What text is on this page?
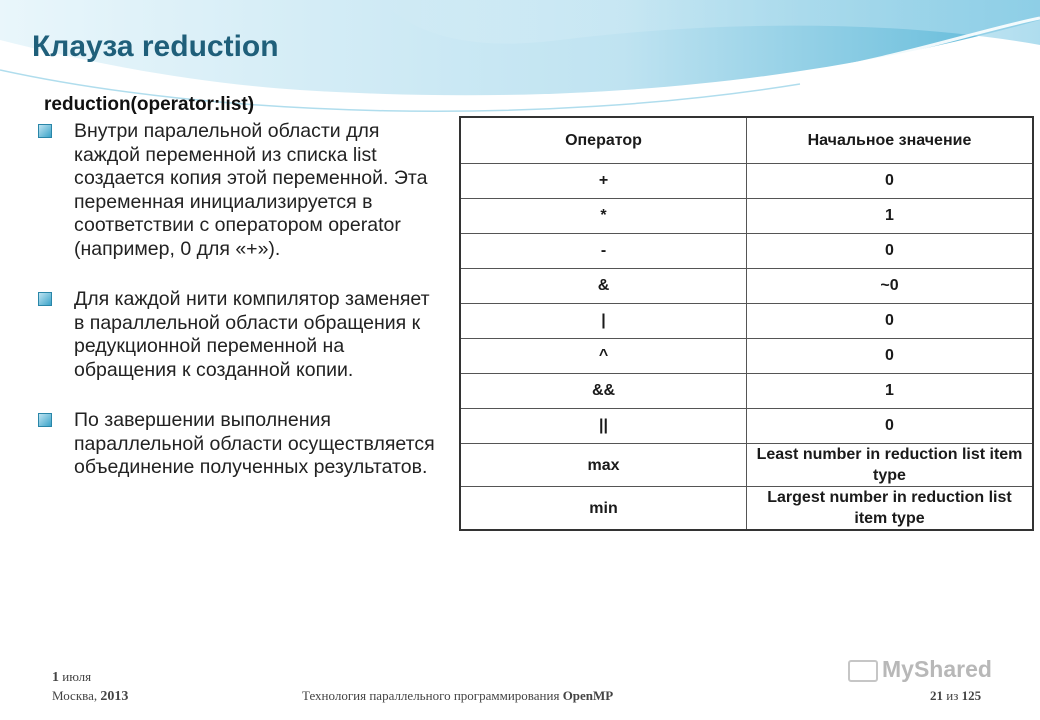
Клауза reduction
reduction(operator:list)
Внутри паралельной области для каждой переменной из списка list создается копия этой переменной. Эта переменная инициализируется в соответствии с оператором operator (например, 0 для «+»).
Для каждой нити компилятор заменяет в параллельной области обращения к редукционной переменной на обращения к созданной копии.
По завершении выполнения параллельной области осуществляется объединение полученных результатов.
Оператор	Начальное значение
+	0
*	1
-	0
&	~0
|	0
^	0
&&	1
||	0
max	Least number in reduction list item type
min	Largest number in reduction list item type
1 июля
Москва, 2013	Технология параллельного программирования OpenMP	21 из 125
MyShared
